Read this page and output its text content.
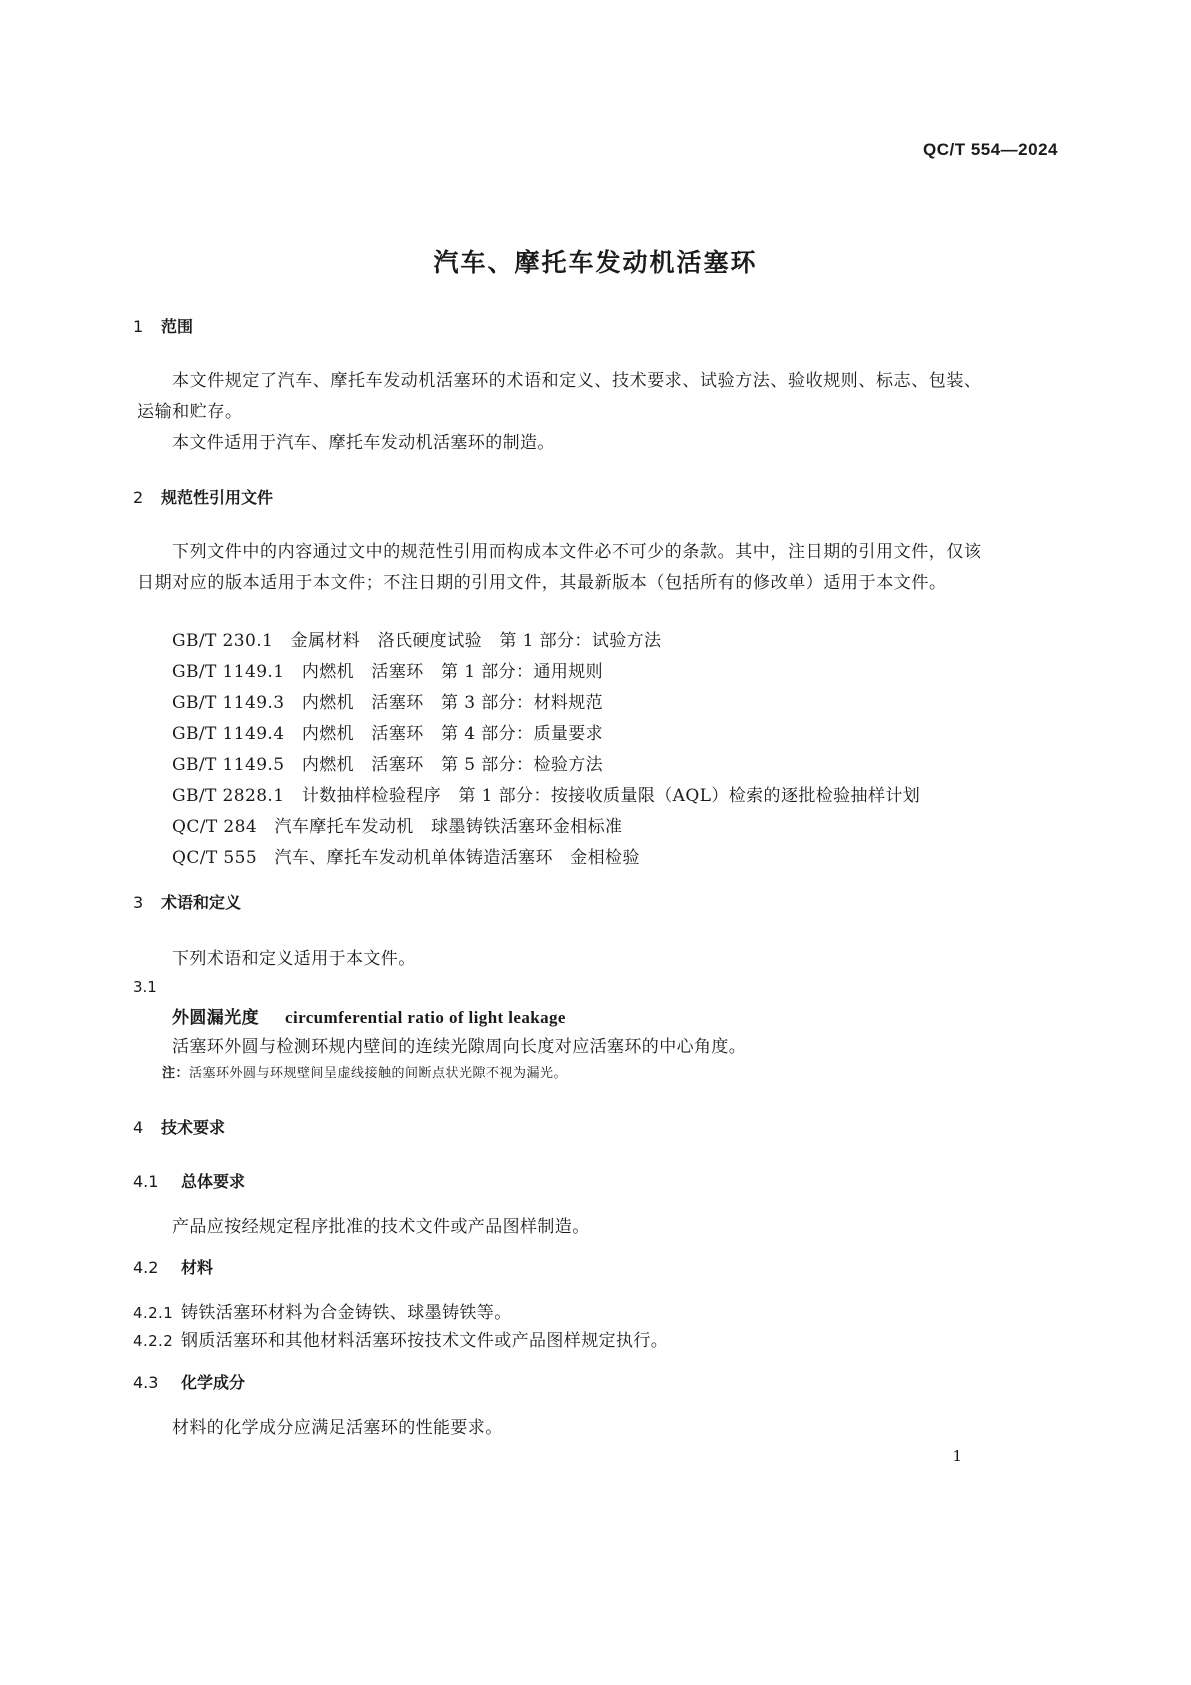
QC/T 554—2024
汽车、摩托车发动机活塞环
1 范围
本文件规定了汽车、摩托车发动机活塞环的术语和定义、技术要求、试验方法、验收规则、标志、包装、运输和贮存。
本文件适用于汽车、摩托车发动机活塞环的制造。
2 规范性引用文件
下列文件中的内容通过文中的规范性引用而构成本文件必不可少的条款。其中，注日期的引用文件，仅该日期对应的版本适用于本文件；不注日期的引用文件，其最新版本（包括所有的修改单）适用于本文件。
GB/T 230.1　金属材料　洛氏硬度试验　第 1 部分：试验方法
GB/T 1149.1　内燃机　活塞环　第 1 部分：通用规则
GB/T 1149.3　内燃机　活塞环　第 3 部分：材料规范
GB/T 1149.4　内燃机　活塞环　第 4 部分：质量要求
GB/T 1149.5　内燃机　活塞环　第 5 部分：检验方法
GB/T 2828.1　计数抽样检验程序　第 1 部分：按接收质量限（AQL）检索的逐批检验抽样计划
QC/T 284　汽车摩托车发动机　球墨铸铁活塞环金相标准
QC/T 555　汽车、摩托车发动机单体铸造活塞环　金相检验
3 术语和定义
下列术语和定义适用于本文件。
3.1
外圆漏光度 circumferential ratio of light leakage
活塞环外圆与检测环规内壁间的连续光隙周向长度对应活塞环的中心角度。
注：活塞环外圆与环规壁间呈虚线接触的间断点状光隙不视为漏光。
4 技术要求
4.1 总体要求
产品应按经规定程序批准的技术文件或产品图样制造。
4.2 材料
4.2.1 铸铁活塞环材料为合金铸铁、球墨铸铁等。
4.2.2 钢质活塞环和其他材料活塞环按技术文件或产品图样规定执行。
4.3 化学成分
材料的化学成分应满足活塞环的性能要求。
1
